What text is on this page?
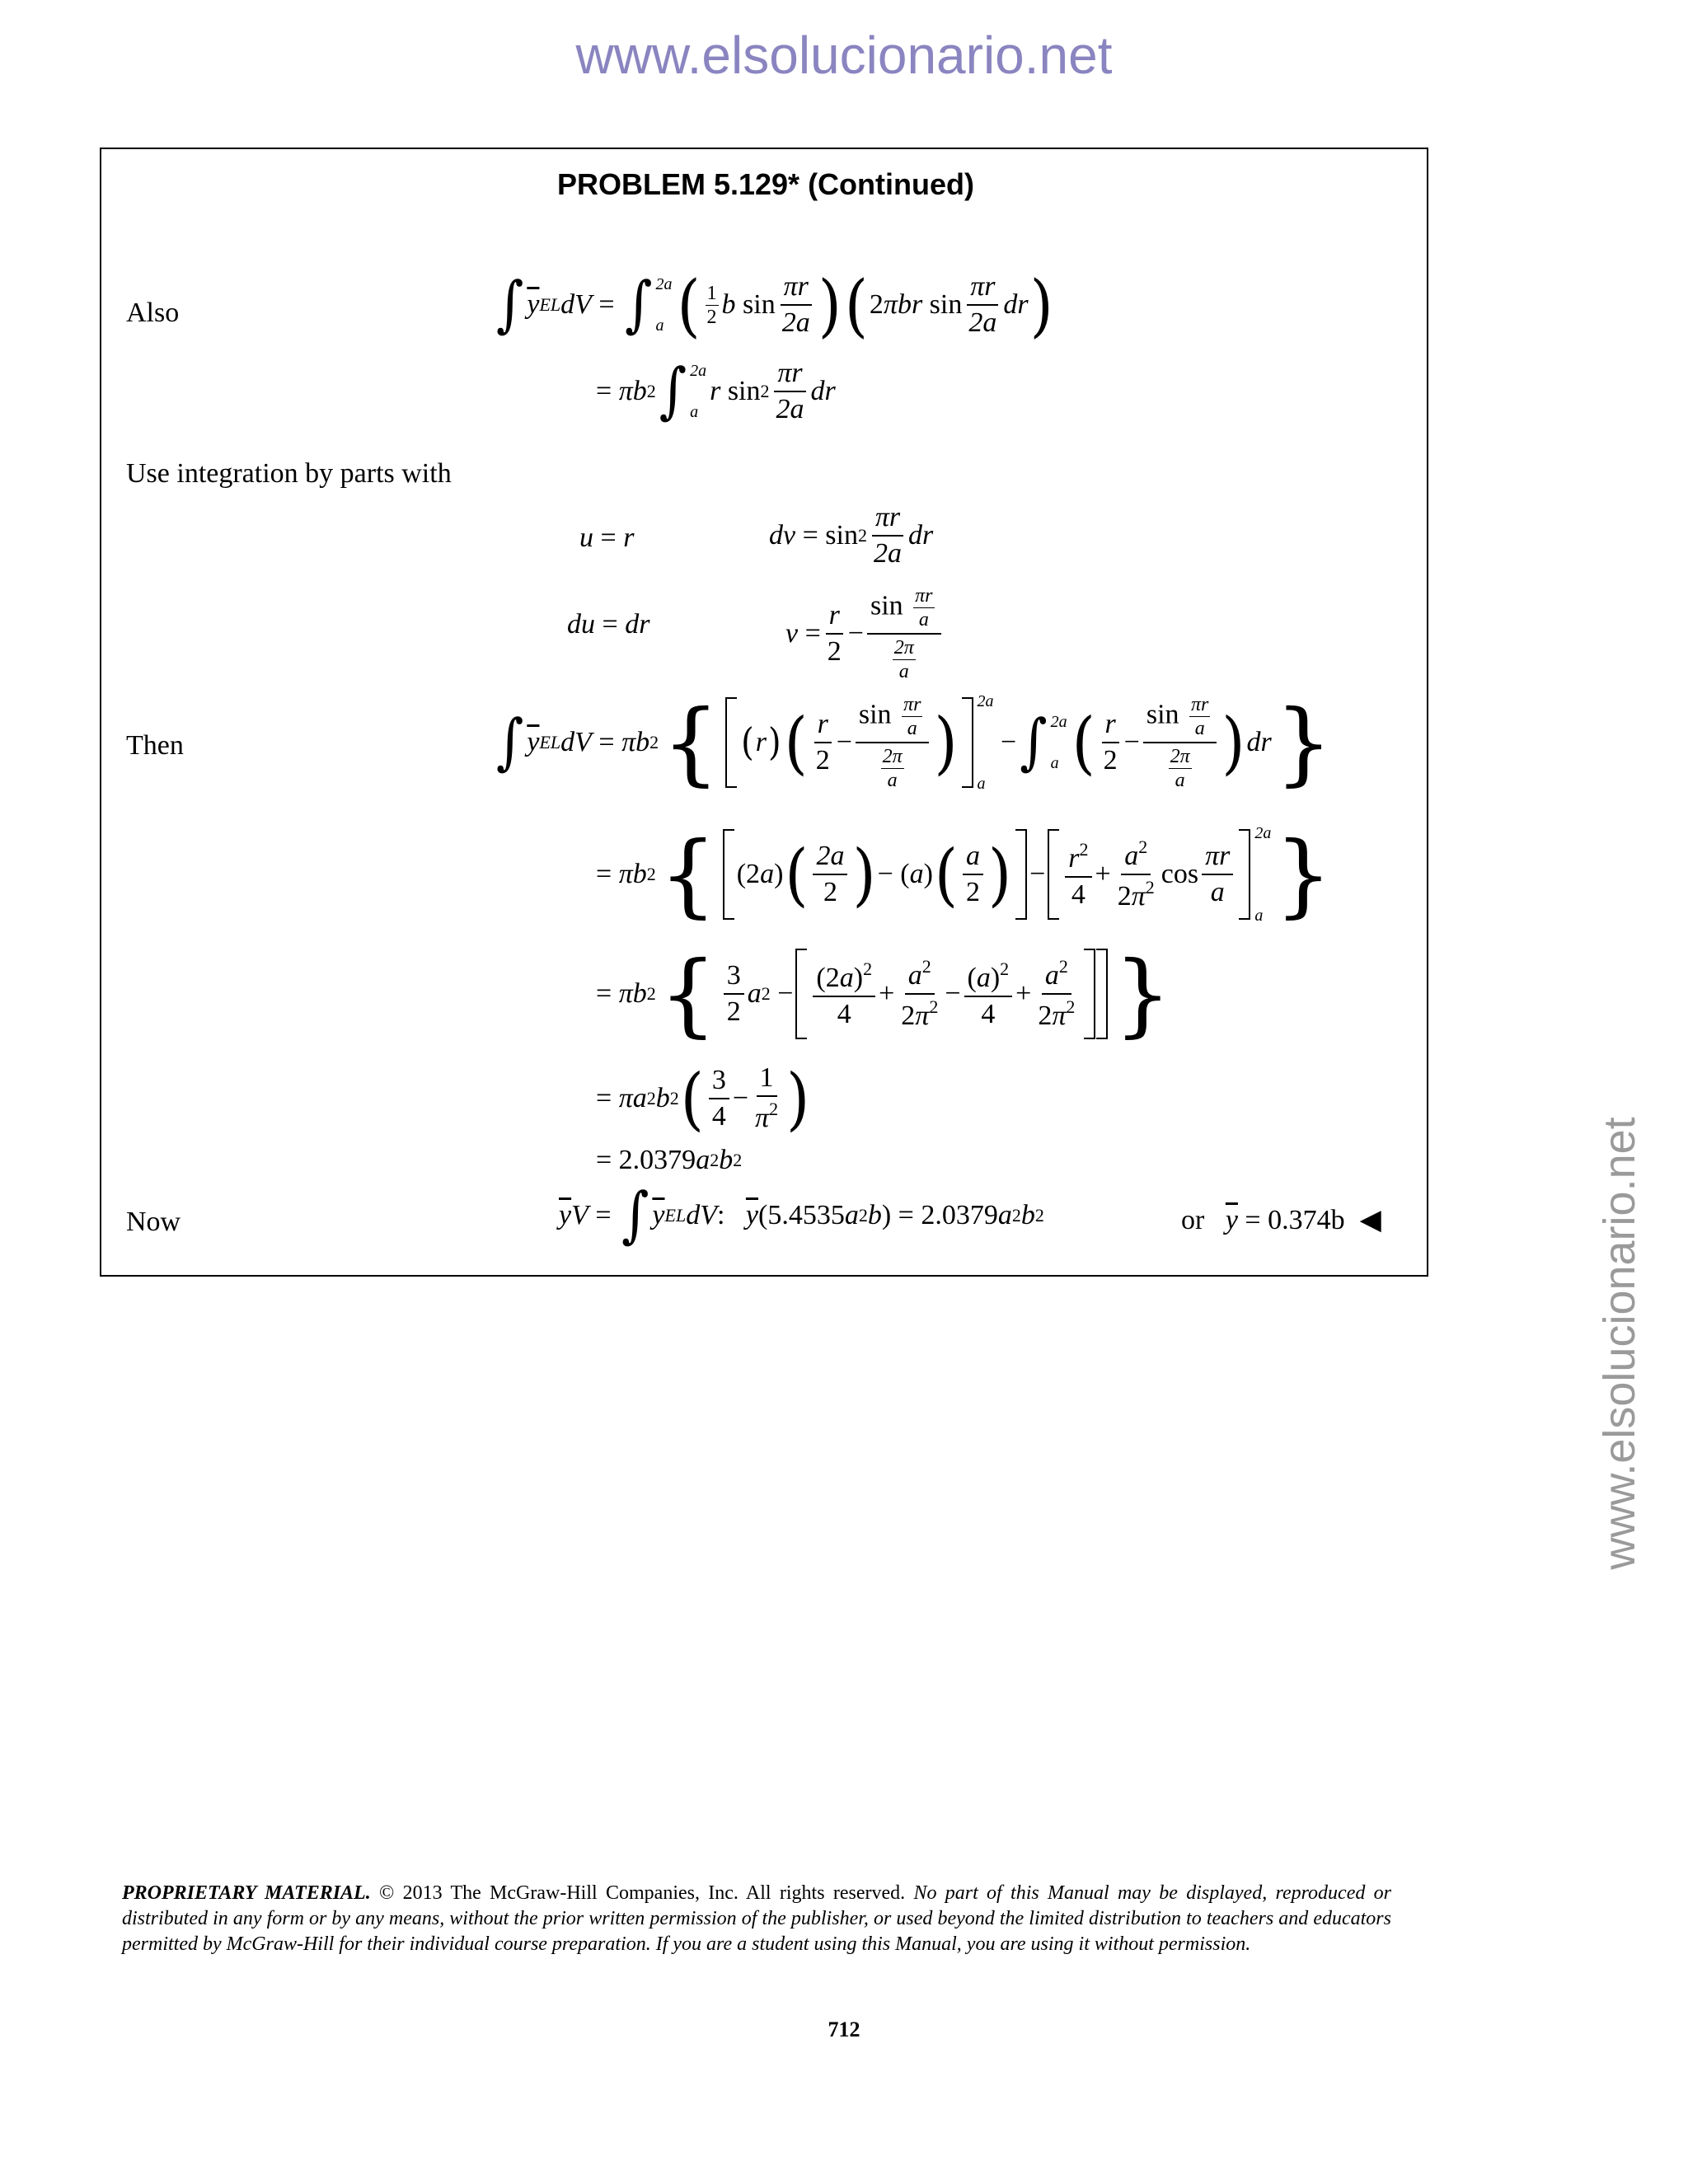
www.elsolucionario.net
www.elsolucionario.net
PROBLEM 5.129* (Continued)
Also	∫ $\overline{y}$ EL dV = ∫ 2a
a ( $\frac{1}{2}$ b $\sin \frac{\pi r}{2a}$ ) ( 2 πbr $\sin \frac{\pi r}{2a}$ dr )
= πb 2 ∫ 2a
a
r $\sin 2 \frac{\pi r}{2a}$ dr
Use integration by parts with
u = r	dv = $\sin 2 \frac{\pi r}{2a}$ dr
du = dr	$v = \frac{r}{2} - \frac{\sin \frac{\pi r}{a}}{\frac{2\pi}{a}}$
Then	∫ $\overline{y}$ EL dV = πb 2 { ( r ) ( $\frac{r}{2} - \frac{\sin \frac{\pi r}{a}}{\frac{2\pi}{a}}$ )
2a
a
− ∫ 2a
a ( $\frac{r}{2} - \frac{\sin \frac{\pi r}{a}}{\frac{2\pi}{a}}$ ) dr }
= πb 2 { (2 a ) ( $\frac{2a}{2}$ ) − ( a ) ( $\frac{a}{2}$ ) − $\frac{r^2}{4} + \frac{a^2}{2\pi^2}$ $\cos \frac{\pi r}{a}$
2a
a }
= πb 2 { $\frac{3}{2}$ a $2 - \frac{(2a)^2}{4} + \frac{a^2}{2\pi^2} - \frac{(a)^2}{4} + \frac{a^2}{2\pi^2}$ }
= πa 2 b 2 ( $\frac{3}{4} - \frac{1}{\pi^2}$ )
= 2.0379 a 2 b 2
Now	$\overline{y}$ V = ∫ $\overline{y}$ EL dV : $\overline{y}$ (5.4535 a 2 b ) = 2.0379 a 2 b 2	or
$\overline{y}$
= 0.374b ◀
PROPRIETARY MATERIAL. © 2013 The McGraw-Hill Companies, Inc. All rights reserved. No part of this Manual may be displayed, reproduced or distributed in any form or by any means, without the prior written permission of the publisher, or used beyond the limited distribution to teachers and educators permitted by McGraw-Hill for their individual course preparation. If you are a student using this Manual, you are using it without permission.
712
